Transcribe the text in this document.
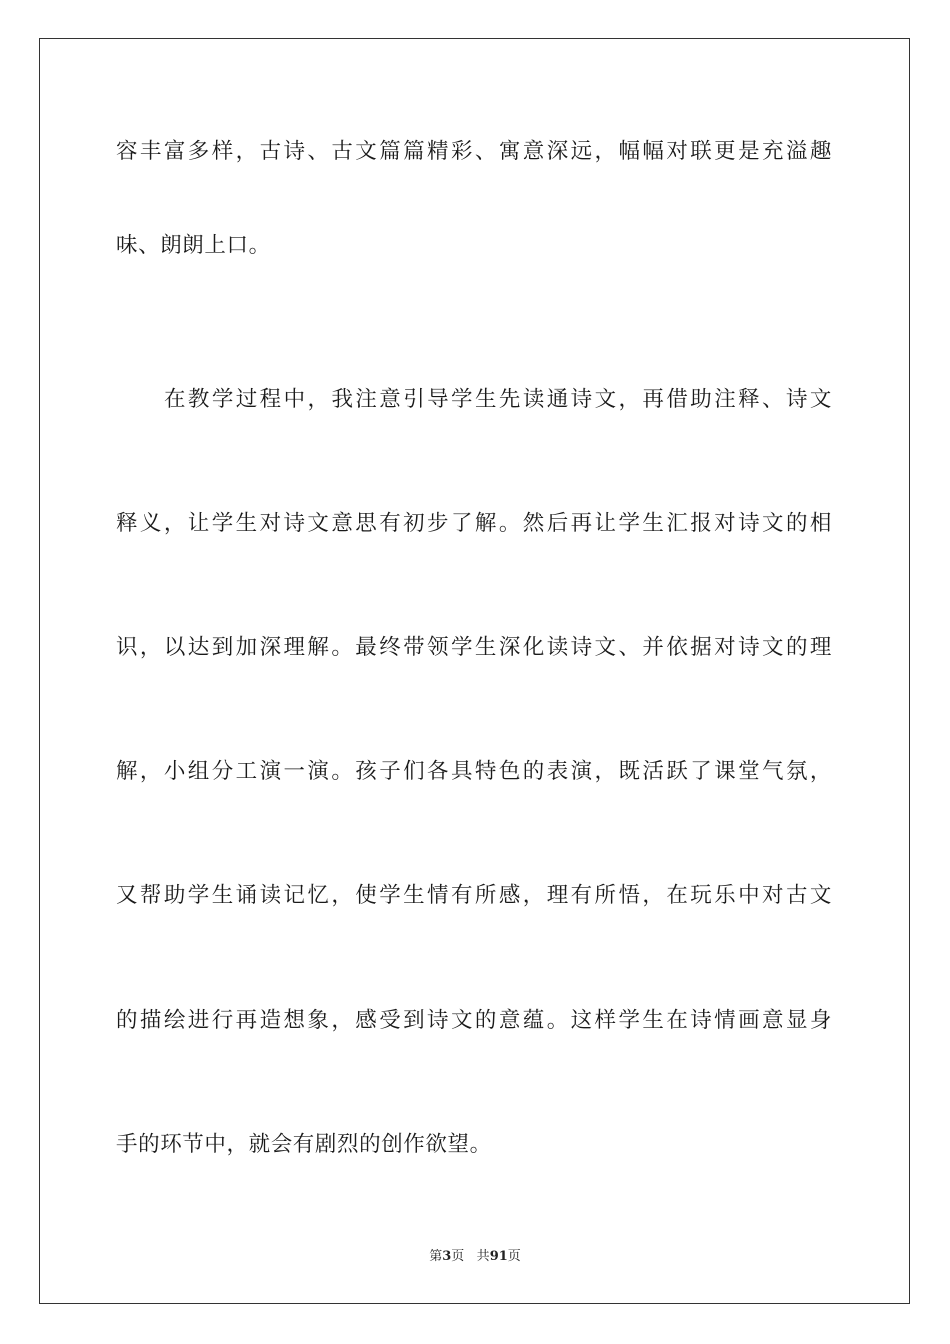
容丰富多样，古诗、古文篇篇精彩、寓意深远，幅幅对联更是充溢趣
味、朗朗上口。
在教学过程中，我注意引导学生先读通诗文，再借助注释、诗文
释义，让学生对诗文意思有初步了解。然后再让学生汇报对诗文的相
识，以达到加深理解。最终带领学生深化读诗文、并依据对诗文的理
解，小组分工演一演。孩子们各具特色的表演，既活跃了课堂气氛，
又帮助学生诵读记忆，使学生情有所感，理有所悟，在玩乐中对古文
的描绘进行再造想象，感受到诗文的意蕴。这样学生在诗情画意显身
手的环节中，就会有剧烈的创作欲望。
第3页 共91页
